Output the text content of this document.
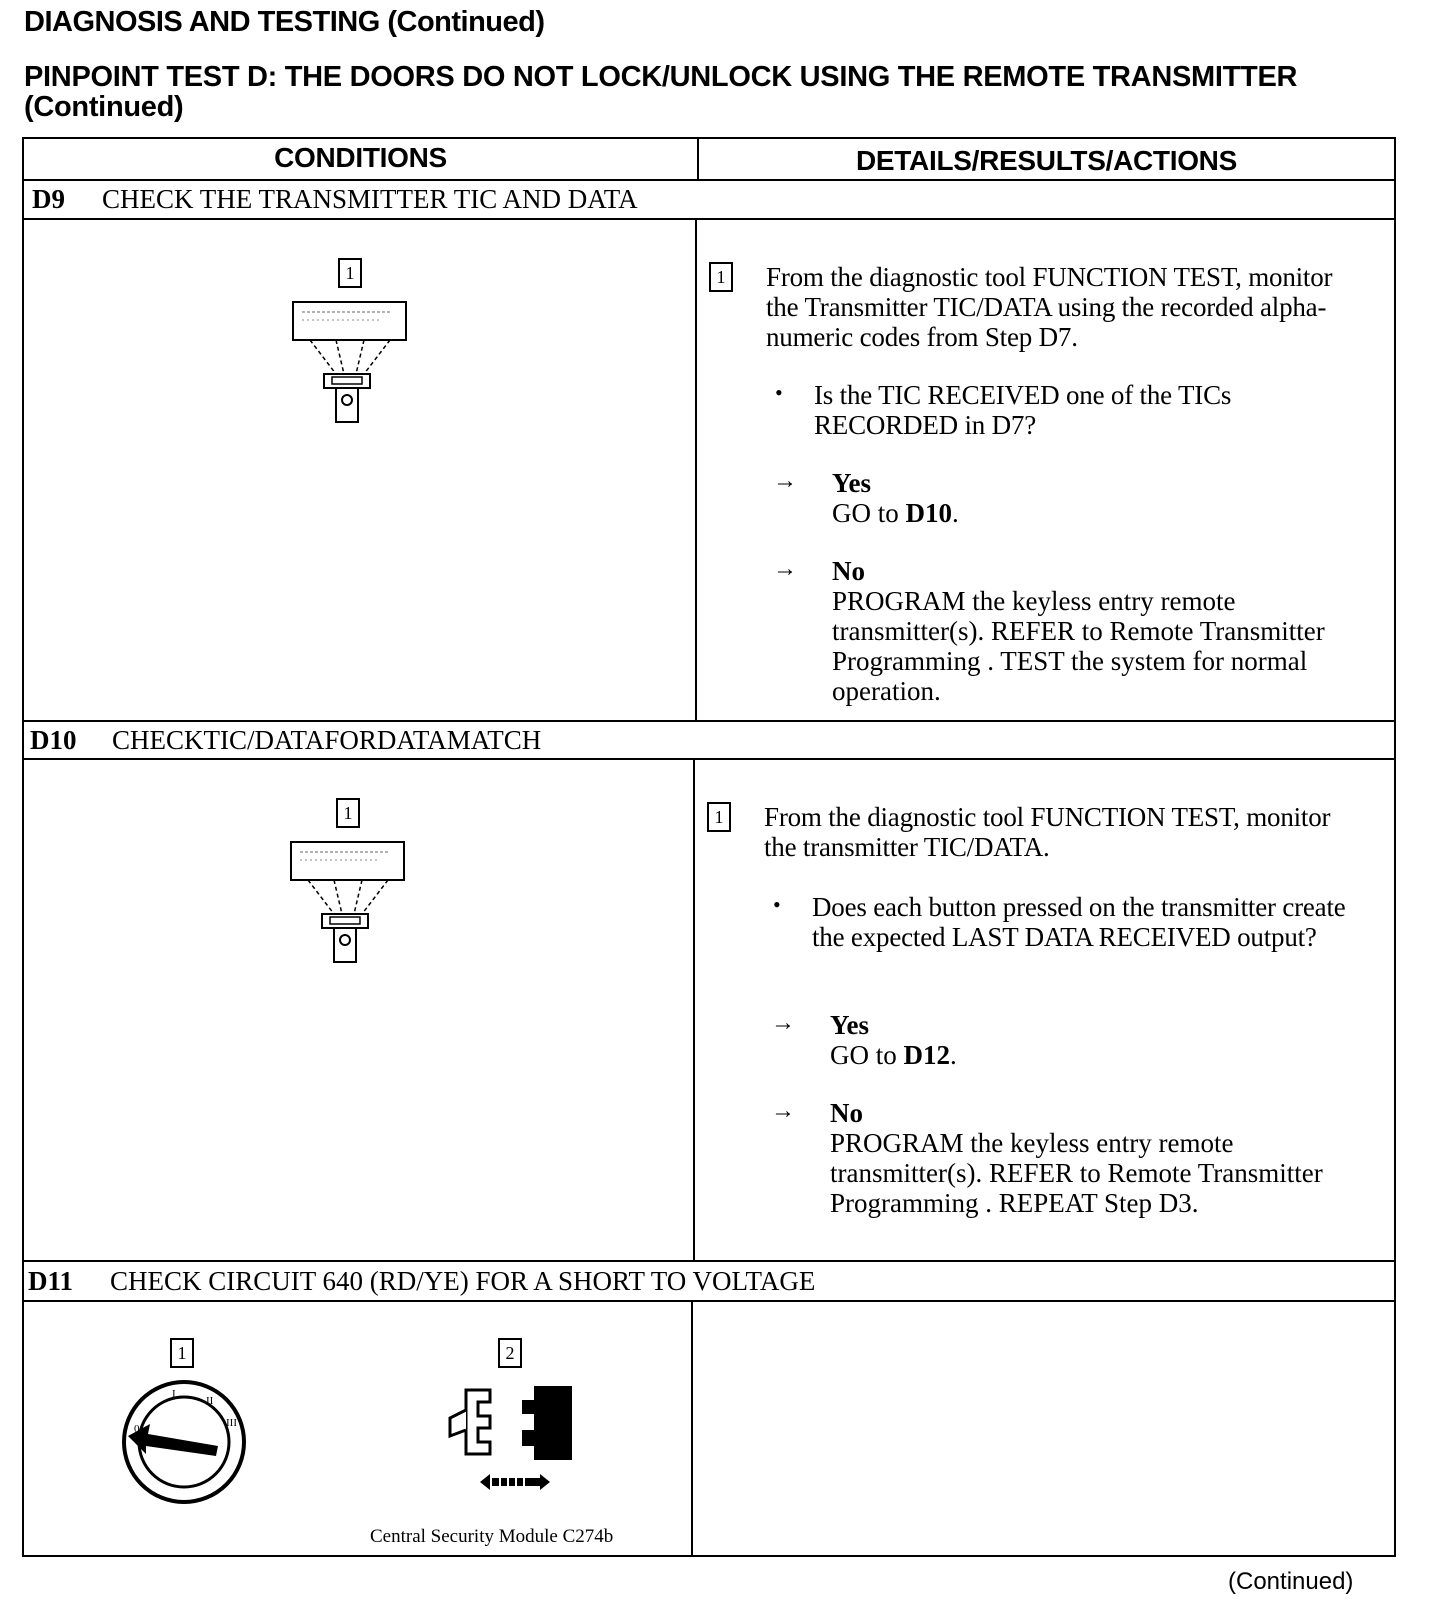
DIAGNOSIS AND TESTING (Continued)
PINPOINT TEST D: THE DOORS DO NOT LOCK/UNLOCK USING THE REMOTE TRANSMITTER
(Continued)
CONDITIONS	DETAILS/RESULTS/ACTIONS
D9 CHECK THE TRANSMITTER TIC AND DATA
1	1 From the diagnostic tool FUNCTION TEST, monitor the Transmitter TIC/DATA using the recorded alpha-numeric codes from Step D7.
• Is the TIC RECEIVED one of the TICs RECORDED in D7?
→ Yes
GO to D10.
→ No
PROGRAM the keyless entry remote transmitter(s). REFER to Remote Transmitter Programming . TEST the system for normal operation.
D10 CHECKTIC/DATAFORDATAMATCH
1	1 From the diagnostic tool FUNCTION TEST, monitor the transmitter TIC/DATA.
• Does each button pressed on the transmitter create the expected LAST DATA RECEIVED output?
→ Yes
GO to D12.
→ No
PROGRAM the keyless entry remote transmitter(s). REFER to Remote Transmitter Programming . REPEAT Step D3.
D11 CHECK CIRCUIT 640 (RD/YE) FOR A SHORT TO VOLTAGE
1
0
I
II
III
2
Central Security Module C274b
(Continued)
